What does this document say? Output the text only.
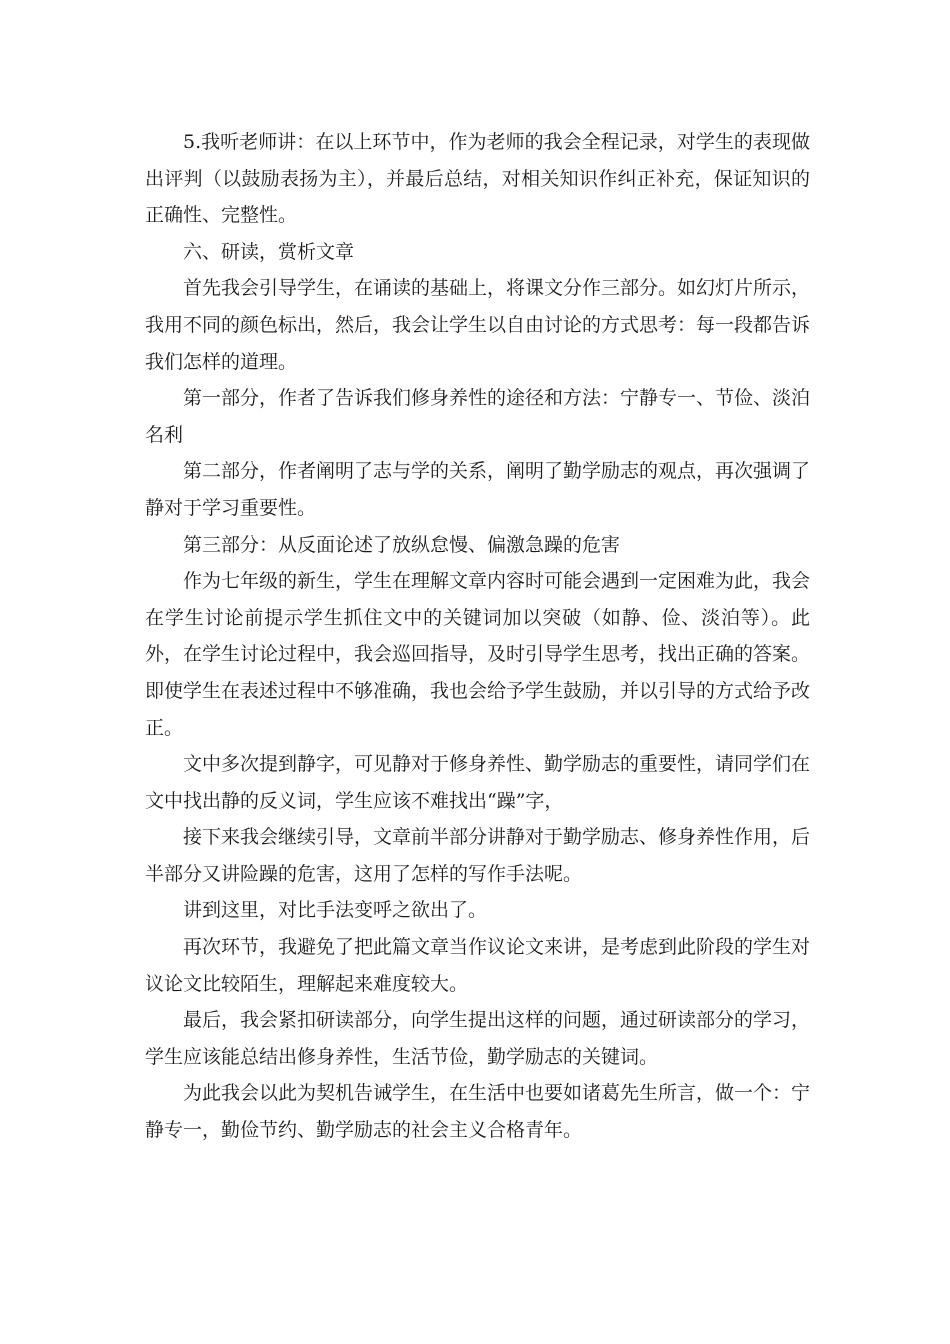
5.我听老师讲：在以上环节中，作为老师的我会全程记录，对学生的表现做出评判（以鼓励表扬为主），并最后总结，对相关知识作纠正补充，保证知识的正确性、完整性。

六、研读，赏析文章

首先我会引导学生，在诵读的基础上，将课文分作三部分。如幻灯片所示，我用不同的颜色标出，然后，我会让学生以自由讨论的方式思考：每一段都告诉我们怎样的道理。

第一部分，作者了告诉我们修身养性的途径和方法：宁静专一、节俭、淡泊名利

第二部分，作者阐明了志与学的关系，阐明了勤学励志的观点，再次强调了静对于学习重要性。

第三部分：从反面论述了放纵怠慢、偏激急躁的危害

作为七年级的新生，学生在理解文章内容时可能会遇到一定困难为此，我会在学生讨论前提示学生抓住文中的关键词加以突破（如静、俭、淡泊等）。此外，在学生讨论过程中，我会巡回指导，及时引导学生思考，找出正确的答案。即使学生在表述过程中不够准确，我也会给予学生鼓励，并以引导的方式给予改正。

文中多次提到静字，可见静对于修身养性、勤学励志的重要性，请同学们在文中找出静的反义词，学生应该不难找出“躁”字，

接下来我会继续引导，文章前半部分讲静对于勤学励志、修身养性作用，后半部分又讲险躁的危害，这用了怎样的写作手法呢。

讲到这里，对比手法变呼之欲出了。

再次环节，我避免了把此篇文章当作议论文来讲，是考虑到此阶段的学生对议论文比较陌生，理解起来难度较大。

最后，我会紧扣研读部分，向学生提出这样的问题，通过研读部分的学习，学生应该能总结出修身养性，生活节俭，勤学励志的关键词。

为此我会以此为契机告诫学生，在生活中也要如诸葛先生所言，做一个：宁静专一，勤俭节约、勤学励志的社会主义合格青年。
